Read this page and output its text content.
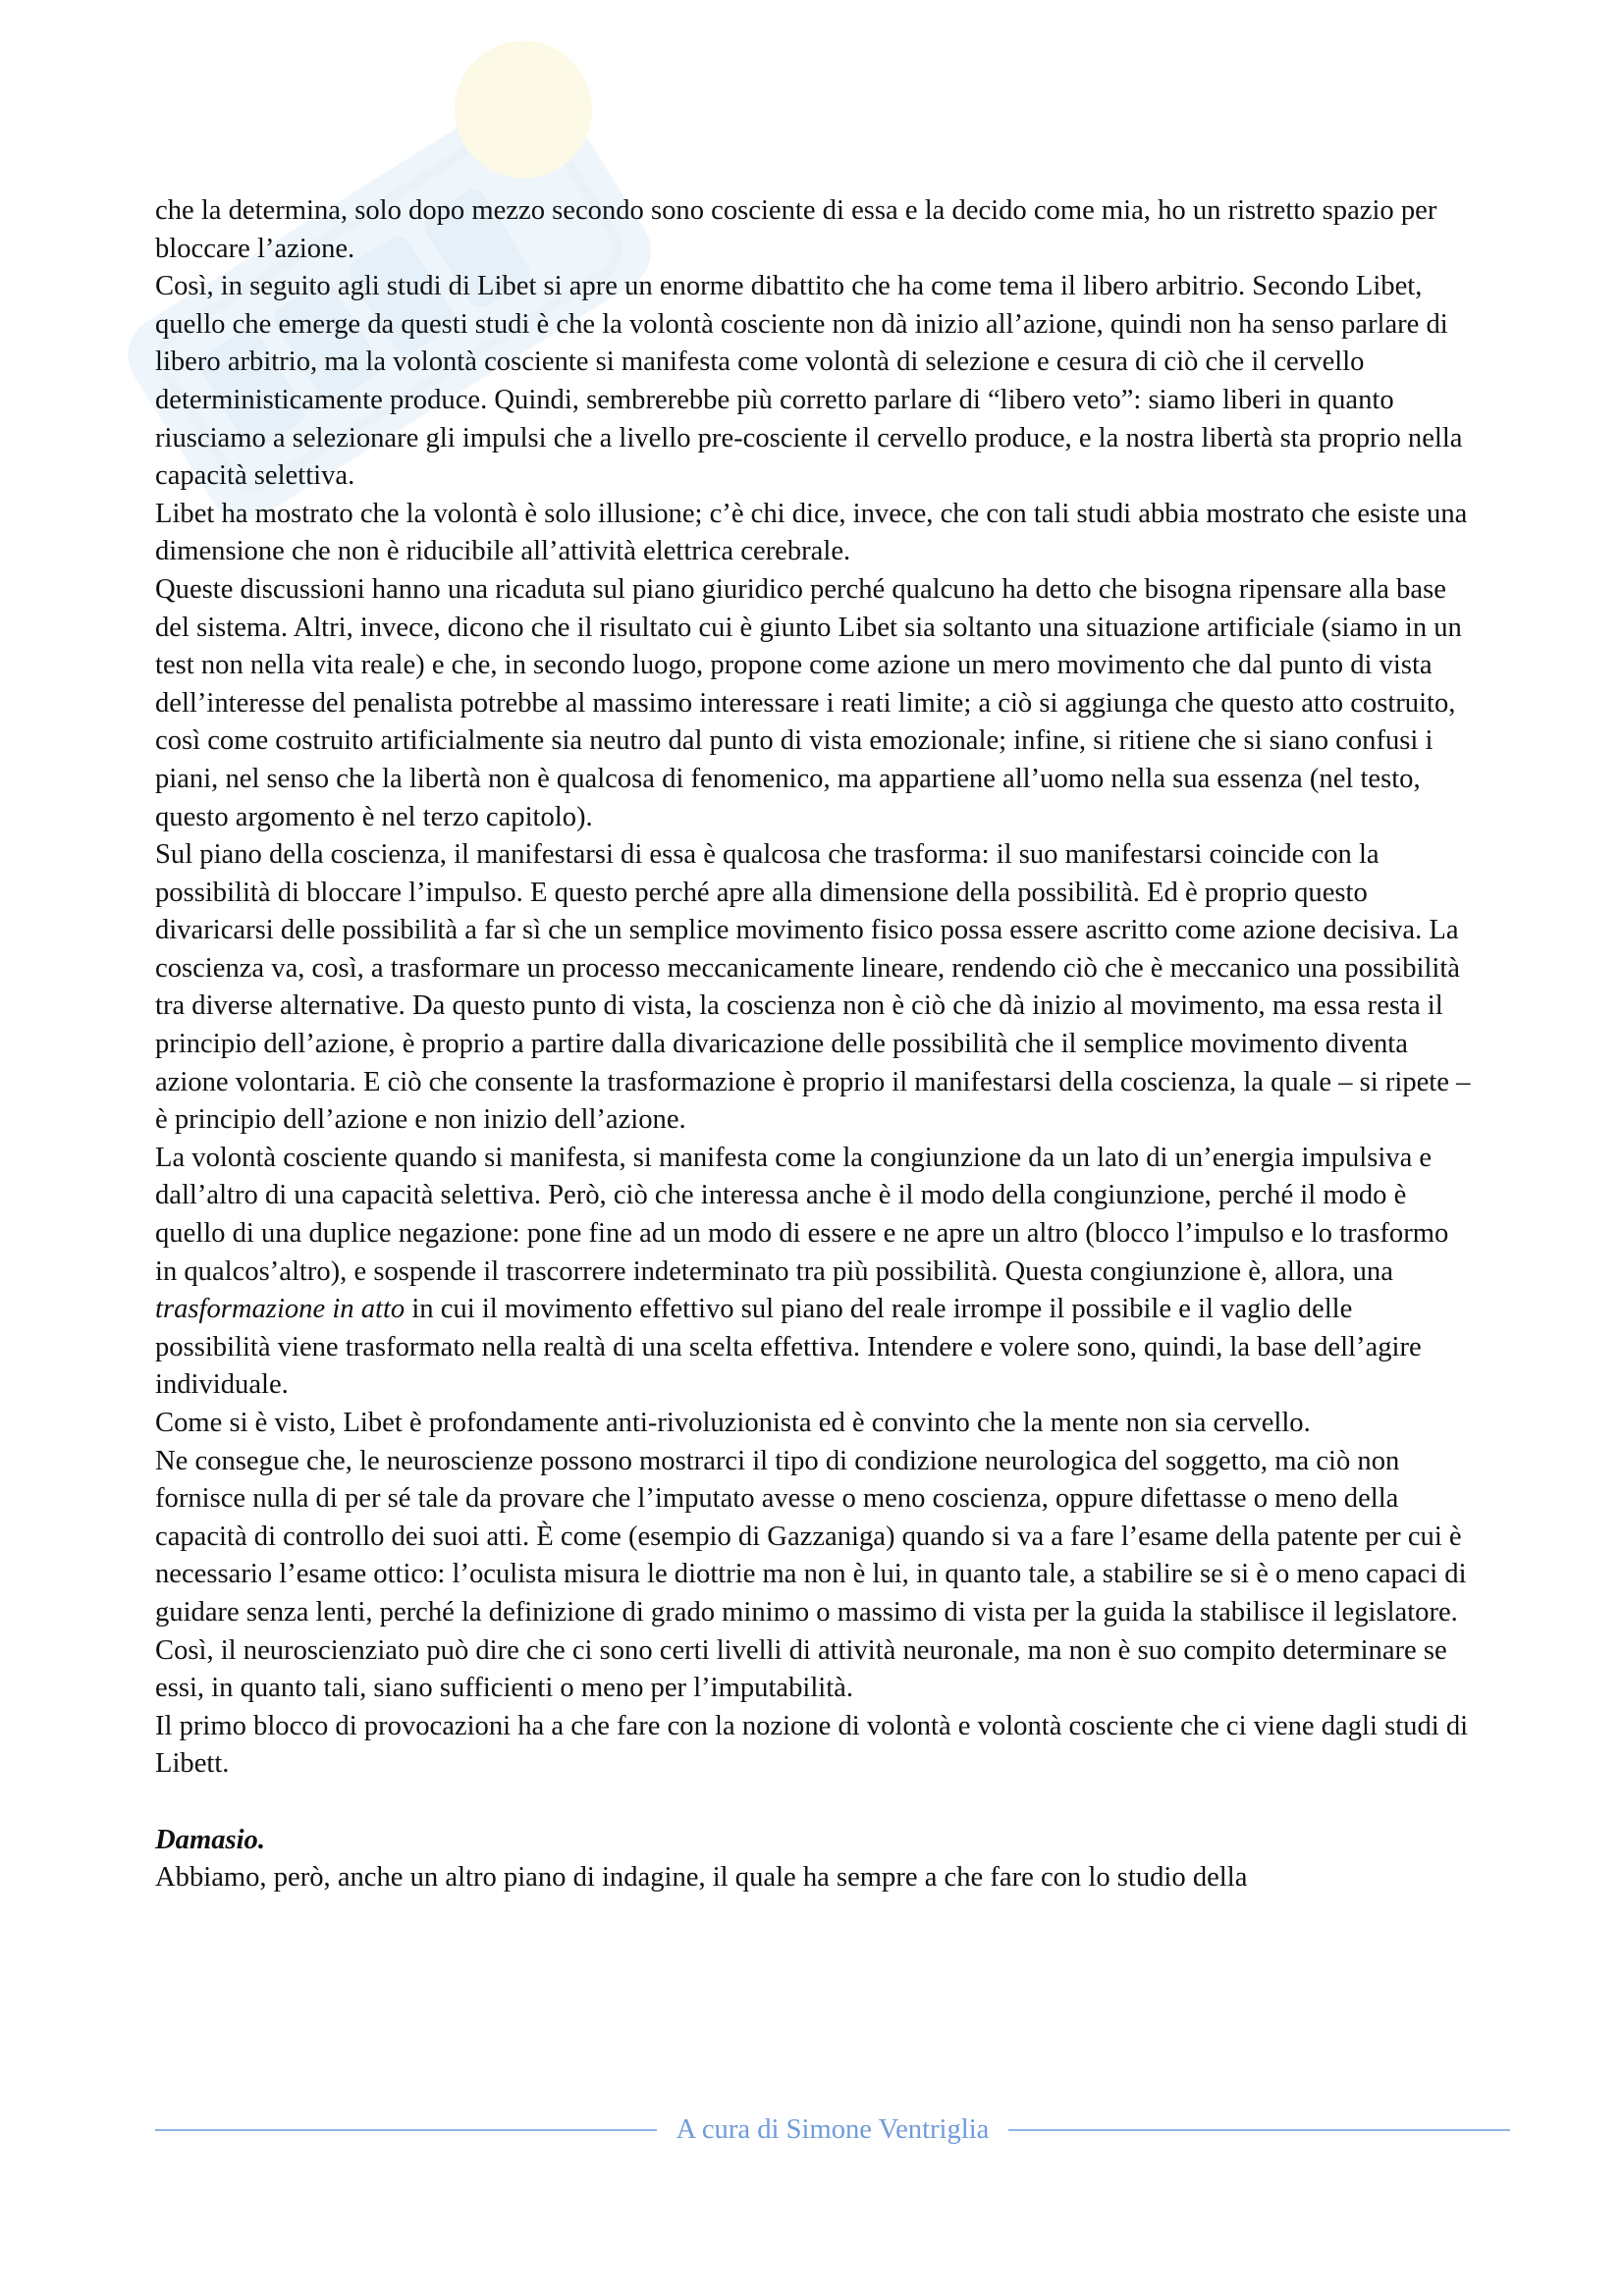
che la determina, solo dopo mezzo secondo sono cosciente di essa e la decido come mia, ho un ristretto spazio per bloccare l’azione.

Così, in seguito agli studi di Libet si apre un enorme dibattito che ha come tema il libero arbitrio. Secondo Libet, quello che emerge da questi studi è che la volontà cosciente non dà inizio all’azione, quindi non ha senso parlare di libero arbitrio, ma la volontà cosciente si manifesta come volontà di selezione e cesura di ciò che il cervello deterministicamente produce. Quindi, sembrerebbe più corretto parlare di “libero veto”: siamo liberi in quanto riusciamo a selezionare gli impulsi che a livello pre-cosciente il cervello produce, e la nostra libertà sta proprio nella capacità selettiva.

Libet ha mostrato che la volontà è solo illusione; c’è chi dice, invece, che con tali studi abbia mostrato che esiste una dimensione che non è riducibile all’attività elettrica cerebrale.

Queste discussioni hanno una ricaduta sul piano giuridico perché qualcuno ha detto che bisogna ripensare alla base del sistema. Altri, invece, dicono che il risultato cui è giunto Libet sia soltanto una situazione artificiale (siamo in un test non nella vita reale) e che, in secondo luogo, propone come azione un mero movimento che dal punto di vista dell’interesse del penalista potrebbe al massimo interessare i reati limite; a ciò si aggiunga che questo atto costruito, così come costruito artificialmente sia neutro dal punto di vista emozionale; infine, si ritiene che si siano confusi i piani, nel senso che la libertà non è qualcosa di fenomenico, ma appartiene all’uomo nella sua essenza (nel testo, questo argomento è nel terzo capitolo).

Sul piano della coscienza, il manifestarsi di essa è qualcosa che trasforma: il suo manifestarsi coincide con la possibilità di bloccare l’impulso. E questo perché apre alla dimensione della possibilità. Ed è proprio questo divaricarsi delle possibilità a far sì che un semplice movimento fisico possa essere ascritto come azione decisiva. La coscienza va, così, a trasformare un processo meccanicamente lineare, rendendo ciò che è meccanico una possibilità tra diverse alternative. Da questo punto di vista, la coscienza non è ciò che dà inizio al movimento, ma essa resta il principio dell’azione, è proprio a partire dalla divaricazione delle possibilità che il semplice movimento diventa azione volontaria. E ciò che consente la trasformazione è proprio il manifestarsi della coscienza, la quale – si ripete – è principio dell’azione e non inizio dell’azione.

La volontà cosciente quando si manifesta, si manifesta come la congiunzione da un lato di un’energia impulsiva e dall’altro di una capacità selettiva. Però, ciò che interessa anche è il modo della congiunzione, perché il modo è quello di una duplice negazione: pone fine ad un modo di essere e ne apre un altro (blocco l’impulso e lo trasformo in qualcos’altro), e sospende il trascorrere indeterminato tra più possibilità. Questa congiunzione è, allora, una trasformazione in atto in cui il movimento effettivo sul piano del reale irrompe il possibile e il vaglio delle possibilità viene trasformato nella realtà di una scelta effettiva. Intendere e volere sono, quindi, la base dell’agire individuale.

Come si è visto, Libet è profondamente anti-rivoluzionista ed è convinto che la mente non sia cervello.

Ne consegue che, le neuroscienze possono mostrarci il tipo di condizione neurologica del soggetto, ma ciò non fornisce nulla di per sé tale da provare che l’imputato avesse o meno coscienza, oppure difettasse o meno della capacità di controllo dei suoi atti. È come (esempio di Gazzaniga) quando si va a fare l’esame della patente per cui è necessario l’esame ottico: l’oculista misura le diottrie ma non è lui, in quanto tale, a stabilire se si è o meno capaci di guidare senza lenti, perché la definizione di grado minimo o massimo di vista per la guida la stabilisce il legislatore. Così, il neuroscienziato può dire che ci sono certi livelli di attività neuronale, ma non è suo compito determinare se essi, in quanto tali, siano sufficienti o meno per l’imputabilità.

Il primo blocco di provocazioni ha a che fare con la nozione di volontà e volontà cosciente che ci viene dagli studi di Libett.

Damasio.

Abbiamo, però, anche un altro piano di indagine, il quale ha sempre a che fare con lo studio della

A cura di Simone Ventriglia
